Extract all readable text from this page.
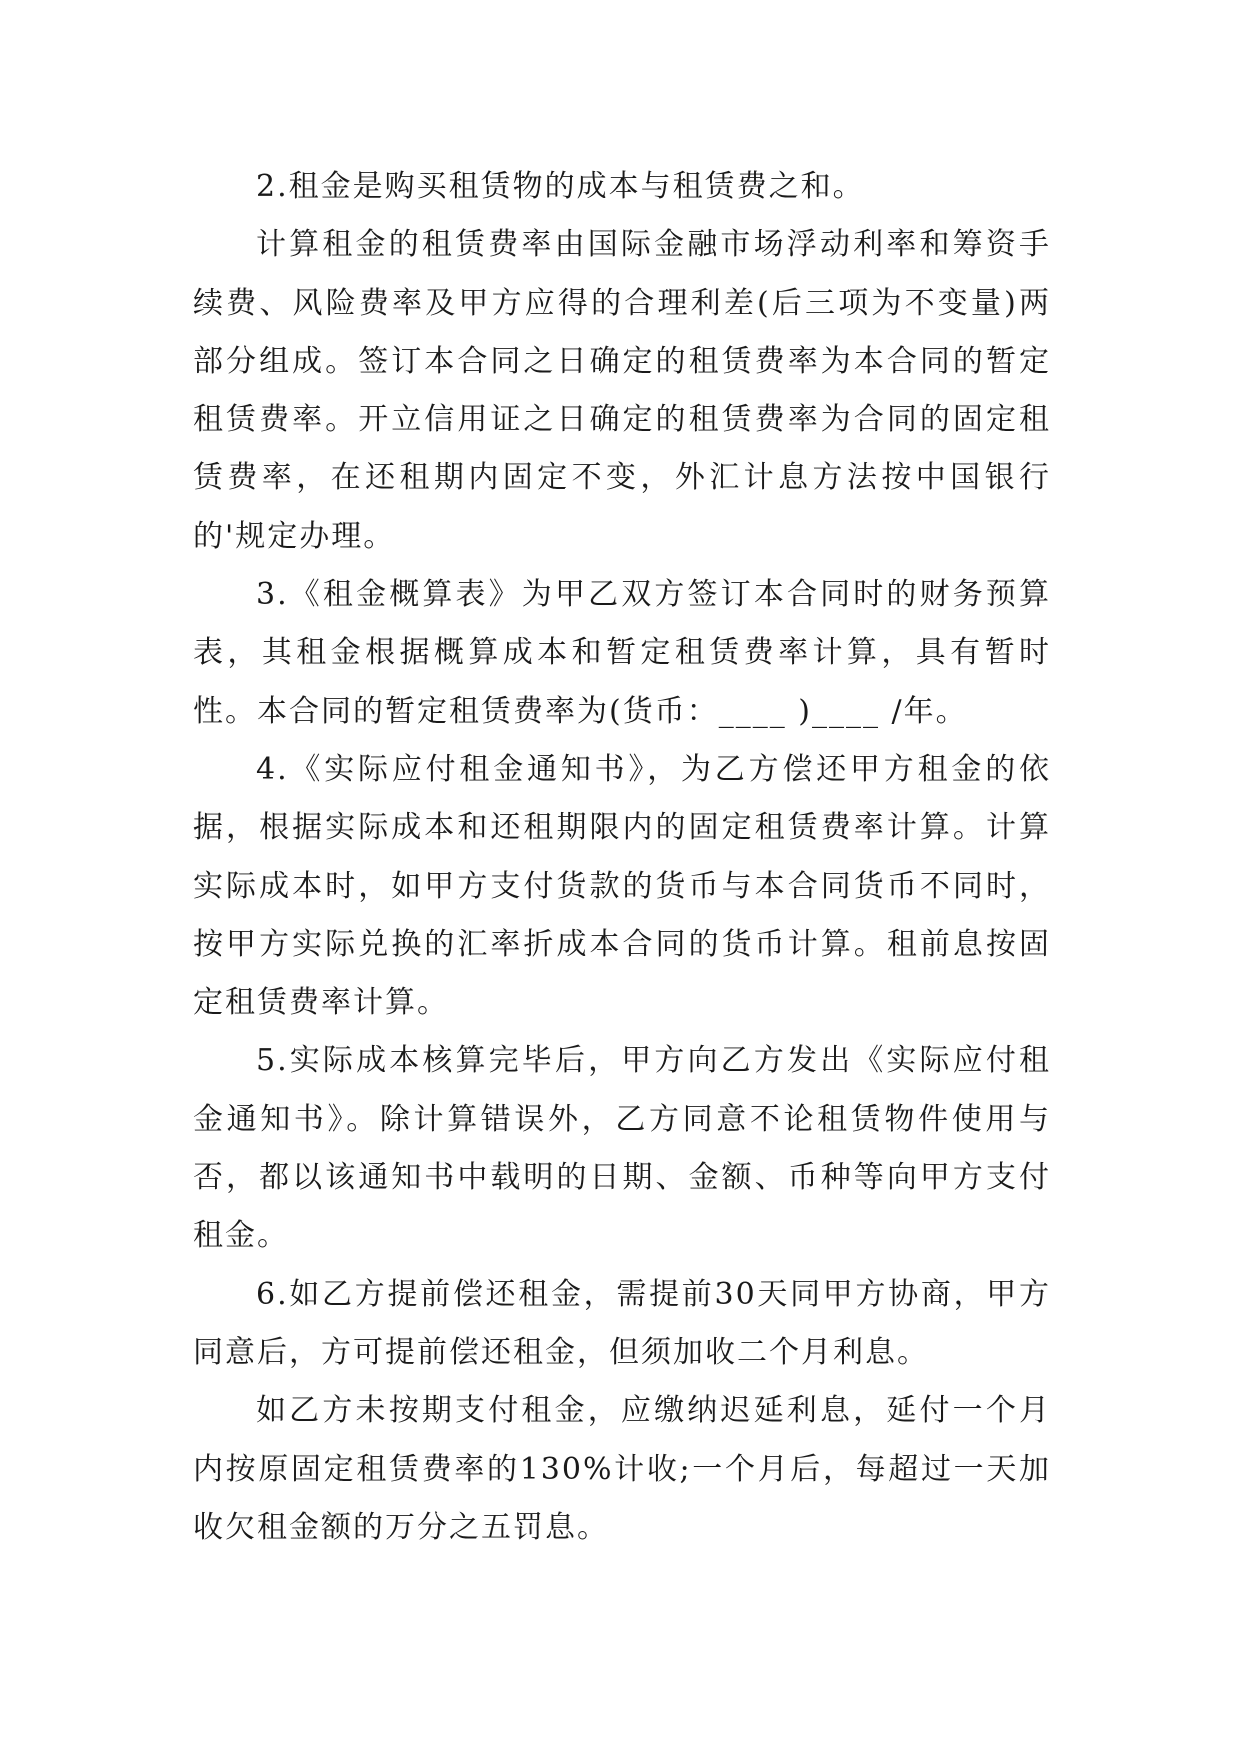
2.租金是购买租赁物的成本与租赁费之和。

计算租金的租赁费率由国际金融市场浮动利率和筹资手续费、风险费率及甲方应得的合理利差(后三项为不变量)两部分组成。签订本合同之日确定的租赁费率为本合同的暂定租赁费率。开立信用证之日确定的租赁费率为合同的固定租赁费率，在还租期内固定不变，外汇计息方法按中国银行的'规定办理。

3.《租金概算表》为甲乙双方签订本合同时的财务预算表，其租金根据概算成本和暂定租赁费率计算，具有暂时性。本合同的暂定租赁费率为(货币：____ )____ /年。

4.《实际应付租金通知书》，为乙方偿还甲方租金的依据，根据实际成本和还租期限内的固定租赁费率计算。计算实际成本时，如甲方支付货款的货币与本合同货币不同时，按甲方实际兑换的汇率折成本合同的货币计算。租前息按固定租赁费率计算。

5.实际成本核算完毕后，甲方向乙方发出《实际应付租金通知书》。除计算错误外，乙方同意不论租赁物件使用与否，都以该通知书中载明的日期、金额、币种等向甲方支付租金。

6.如乙方提前偿还租金，需提前30天同甲方协商，甲方同意后，方可提前偿还租金，但须加收二个月利息。

如乙方未按期支付租金，应缴纳迟延利息，延付一个月内按原固定租赁费率的130%计收;一个月后，每超过一天加收欠租金额的万分之五罚息。
